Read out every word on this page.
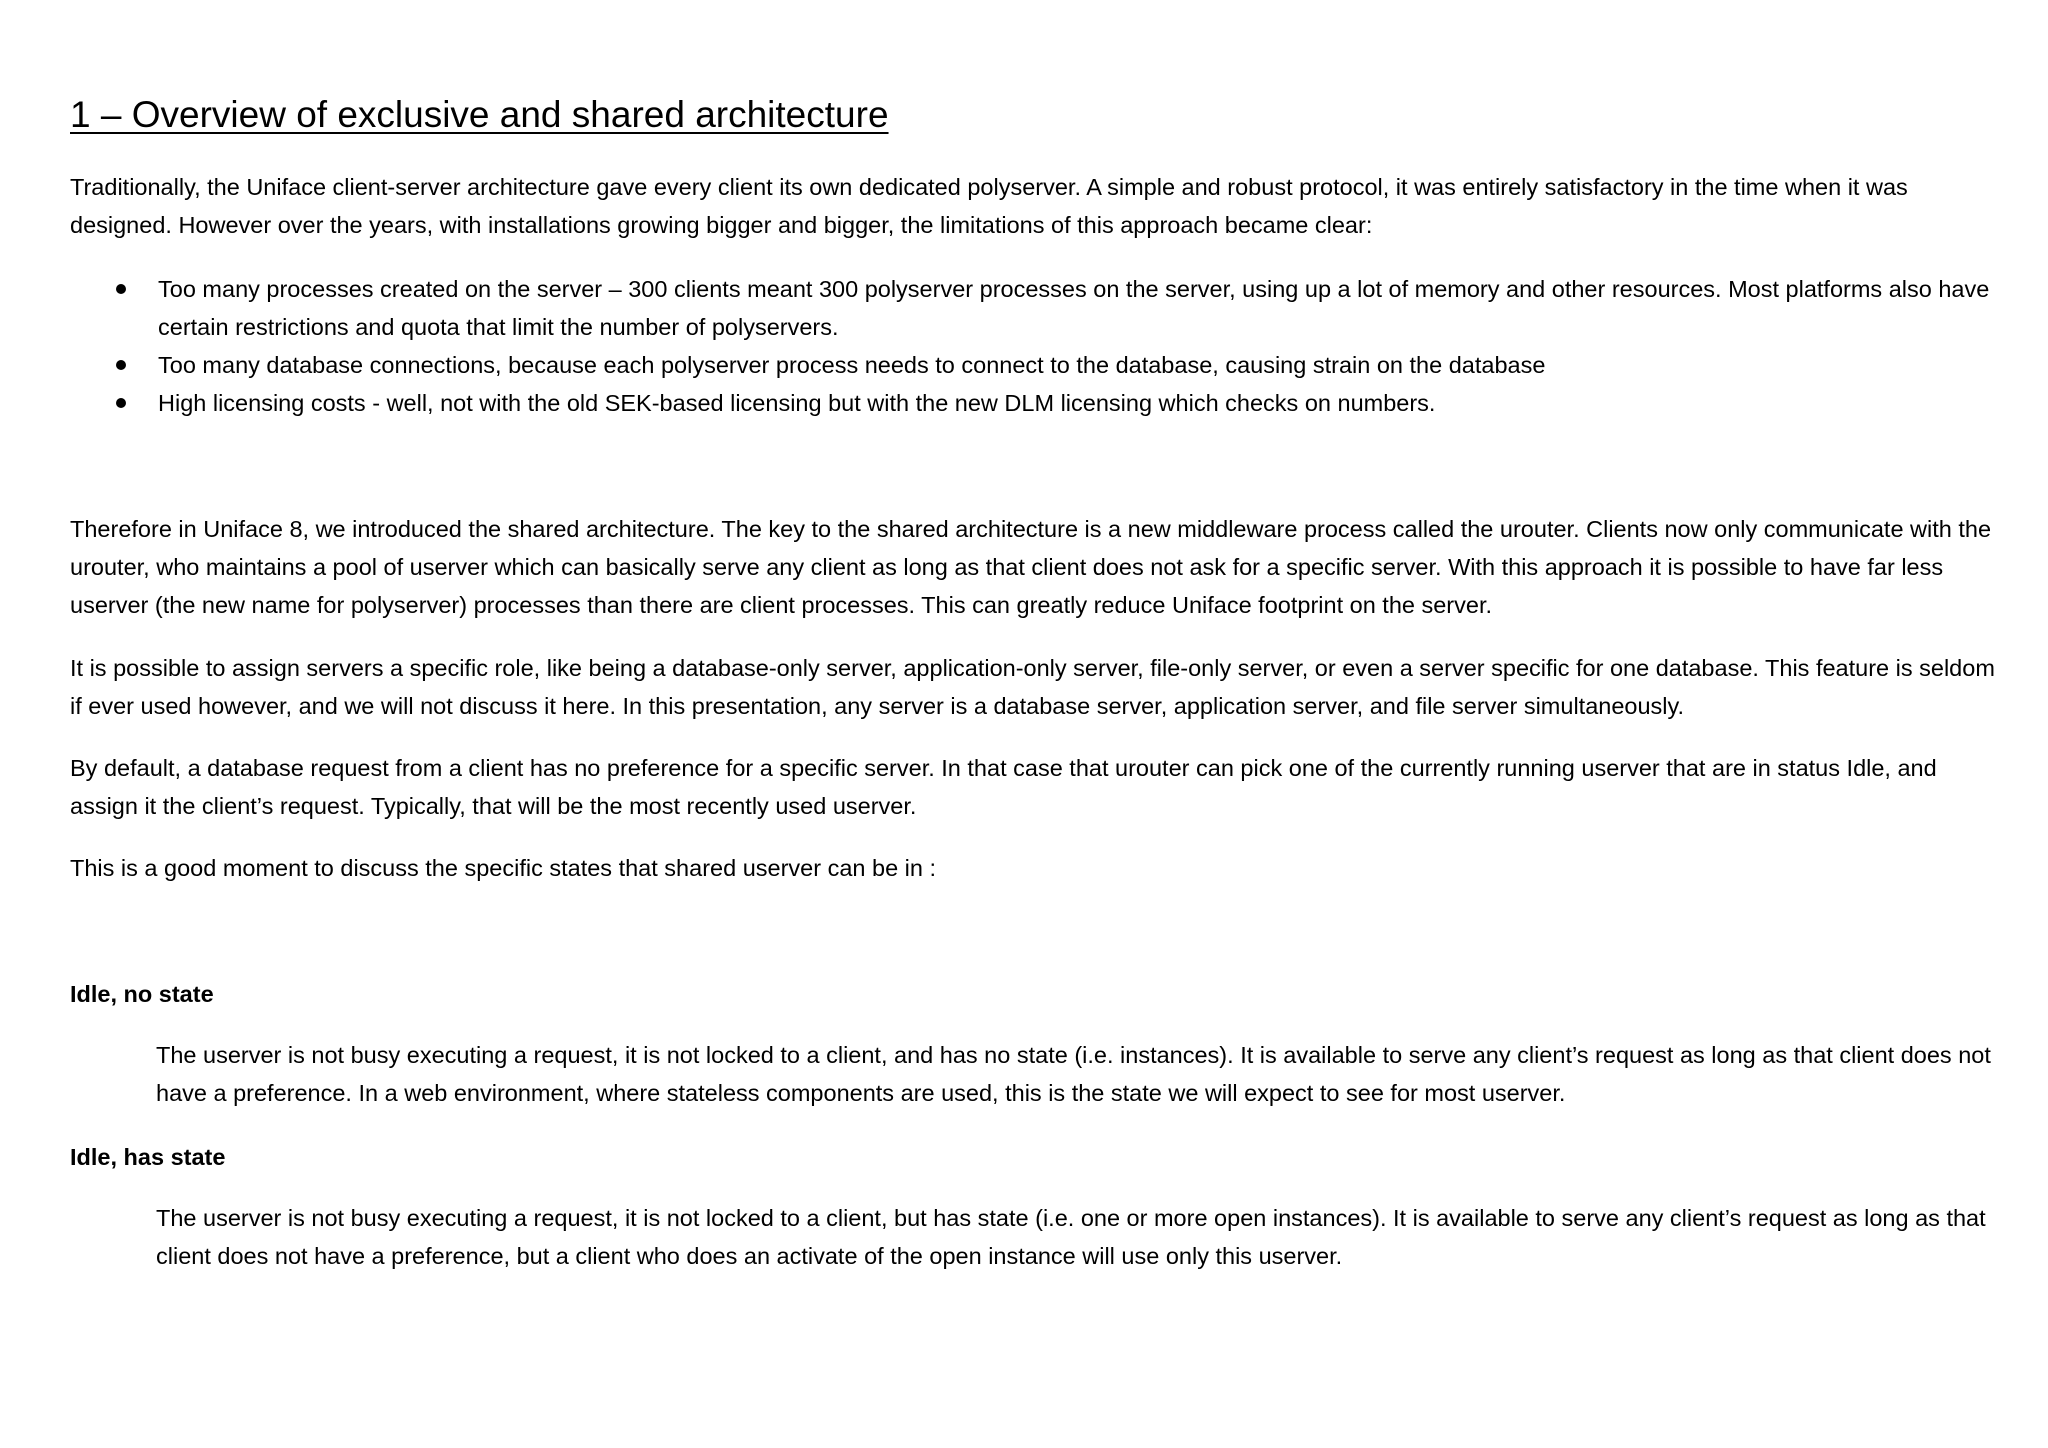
1 – Overview of exclusive and shared architecture

Traditionally, the Uniface client-server architecture gave every client its own dedicated polyserver. A simple and robust protocol, it was entirely satisfactory in the time when it was designed. However over the years, with installations growing bigger and bigger, the limitations of this approach became clear:

Too many processes created on the server – 300 clients meant 300 polyserver processes on the server, using up a lot of memory and other resources. Most platforms also have certain restrictions and quota that limit the number of polyservers.
Too many database connections, because each polyserver process needs to connect to the database, causing strain on the database
High licensing costs - well, not with the old SEK-based licensing but with the new DLM licensing which checks on numbers.

Therefore in Uniface 8, we introduced the shared architecture. The key to the shared architecture is a new middleware process called the urouter. Clients now only communicate with the urouter, who maintains a pool of userver which can basically serve any client as long as that client does not ask for a specific server. With this approach it is possible to have far less userver (the new name for polyserver) processes than there are client processes. This can greatly reduce Uniface footprint on the server.

It is possible to assign servers a specific role, like being a database-only server, application-only server, file-only server, or even a server specific for one database. This feature is seldom if ever used however, and we will not discuss it here. In this presentation, any server is a database server, application server, and file server simultaneously.

By default, a database request from a client has no preference for a specific server. In that case that urouter can pick one of the currently running userver that are in status Idle, and assign it the client’s request. Typically, that will be the most recently used userver.

This is a good moment to discuss the specific states that shared userver can be in :

Idle, no state

The userver is not busy executing a request, it is not locked to a client, and has no state (i.e. instances). It is available to serve any client’s request as long as that client does not have a preference. In a web environment, where stateless components are used, this is the state we will expect to see for most userver.

Idle, has state

The userver is not busy executing a request, it is not locked to a client, but has state (i.e. one or more open instances). It is available to serve any client’s request as long as that client does not have a preference, but a client who does an activate of the open instance will use only this userver.
